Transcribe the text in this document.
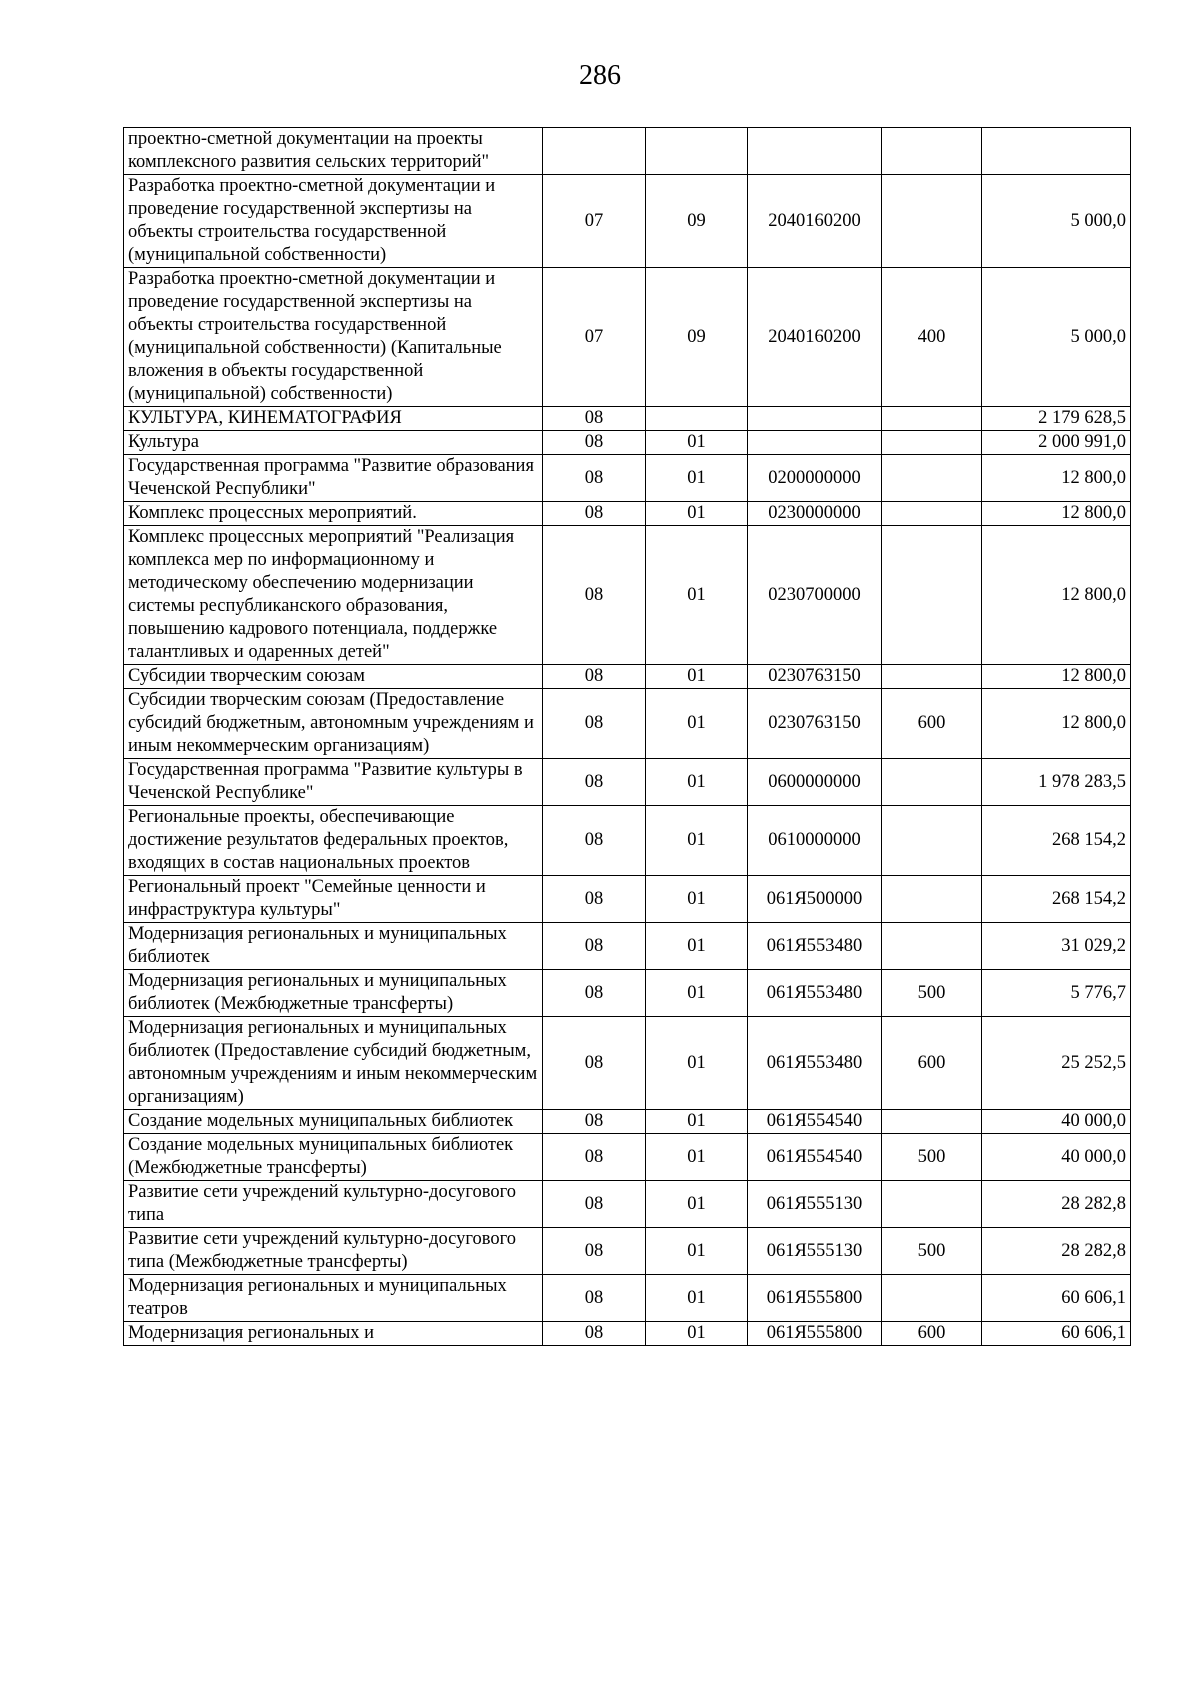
286
проектно-сметной документации на проекты комплексного развития сельских территорий"					
Разработка проектно-сметной документации и проведение государственной экспертизы на объекты строительства государственной (муниципальной собственности)	07	09	2040160200		5 000,0
Разработка проектно-сметной документации и проведение государственной экспертизы на объекты строительства государственной (муниципальной собственности) (Капитальные вложения в объекты государственной (муниципальной) собственности)	07	09	2040160200	400	5 000,0
КУЛЬТУРА, КИНЕМАТОГРАФИЯ	08				2 179 628,5
Культура	08	01			2 000 991,0
Государственная программа "Развитие образования Чеченской Республики"	08	01	0200000000		12 800,0
Комплекс процессных мероприятий.	08	01	0230000000		12 800,0
Комплекс процессных мероприятий "Реализация комплекса мер по информационному и методическому обеспечению модернизации системы республиканского образования, повышению кадрового потенциала, поддержке талантливых и одаренных детей"	08	01	0230700000		12 800,0
Субсидии творческим союзам	08	01	0230763150		12 800,0
Субсидии творческим союзам (Предоставление субсидий бюджетным, автономным учреждениям и иным некоммерческим организациям)	08	01	0230763150	600	12 800,0
Государственная программа "Развитие культуры в Чеченской Республике"	08	01	0600000000		1 978 283,5
Региональные проекты, обеспечивающие достижение результатов федеральных проектов, входящих в состав национальных проектов	08	01	0610000000		268 154,2
Региональный проект "Семейные ценности и инфраструктура культуры"	08	01	061Я500000		268 154,2
Модернизация региональных и муниципальных библиотек	08	01	061Я553480		31 029,2
Модернизация региональных и муниципальных библиотек (Межбюджетные трансферты)	08	01	061Я553480	500	5 776,7
Модернизация региональных и муниципальных библиотек (Предоставление субсидий бюджетным, автономным учреждениям и иным некоммерческим организациям)	08	01	061Я553480	600	25 252,5
Создание модельных муниципальных библиотек	08	01	061Я554540		40 000,0
Создание модельных муниципальных библиотек (Межбюджетные трансферты)	08	01	061Я554540	500	40 000,0
Развитие сети учреждений культурно-досугового типа	08	01	061Я555130		28 282,8
Развитие сети учреждений культурно-досугового типа (Межбюджетные трансферты)	08	01	061Я555130	500	28 282,8
Модернизация региональных и муниципальных театров	08	01	061Я555800		60 606,1
Модернизация региональных и	08	01	061Я555800	600	60 606,1
